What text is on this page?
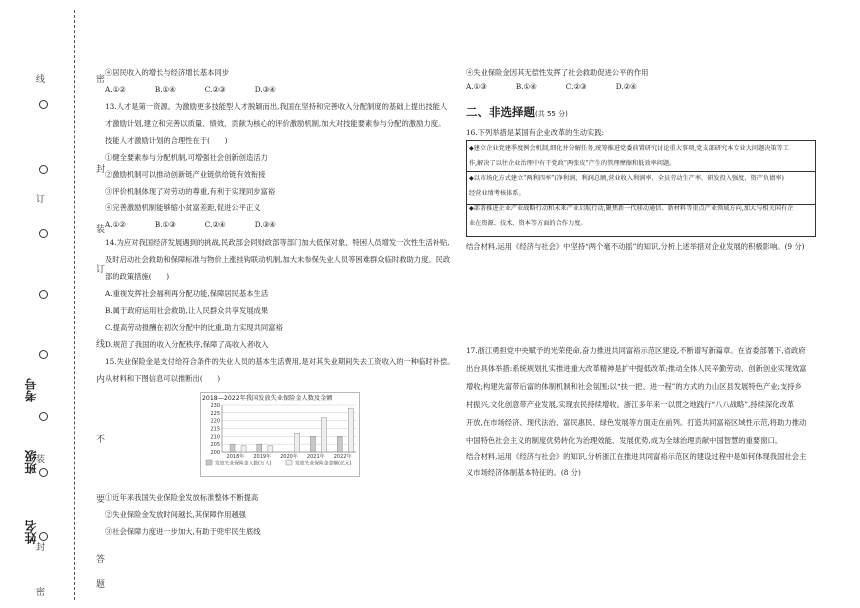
密
封
装
订
线
内
不
要
答
题
线
订
装
封
密
考号
班级
姓名
④居民收入的增长与经济增长基本同步
A.①②　　　　B.①④　　　　C.②③　　　　D.③④
13.人才是第一资源。为激励更多技能型人才脱颖而出,我国在坚持和完善收入分配制度的基础上提出技能人
才激励计划,建立和完善以质量、绩效、贡献为核心的评价激励机制,加大对技能要素参与分配的激励力度。
技能人才激励计划的合理性在于(　　)
①健全要素参与分配机制,可增强社会创新创造活力
②激励机制可以推动创新链产业链供给链有效衔接
③评价机制体现了对劳动的尊重,有利于实现同步富裕
④完善激励机制能够缩小贫富差距,促进公平正义
A.①②　　　　B.①③　　　　C.②④　　　　D.③④
14.为应对我国经济发展遇到的挑战,民政部会同财政部等部门加大低保对象、特困人员增发一次性生活补贴,
及时启动社会救助和保障标准与物价上涨挂钩联动机制,加大未参保失业人员等困难群众临时救助力度。民政
部的政策措施(　　)
A.重视发挥社会福利再分配功能,保障居民基本生活
B.属于政府运用社会救助,让人民群众共享发展成果
C.提高劳动报酬在初次分配中的比重,助力实现共同富裕
D.规范了我国的收入分配秩序,保障了高收入者收入
15.失业保险金是支付给符合条件的失业人员的基本生活费用,是对其失业期间失去工资收入的一种临时补偿。
从材料和下图信息可以推断出(　　)
①近年来我国失业保险金发放标准整体不断提高
②失业保险金发放时间越长,其保障作用越强
③社会保障力度进一步加大,有助于兜牢民生底线
2018—2022年我国发放失业保险金人数及金额
200
205
210
215
220
225
230
2018年 2019年 2020年 2021年 2022年
发放失业保险金人数(万人)	发放失业保险金金额(亿元)
④失业保险金因其无偿性发挥了社会救助促进公平的作用
A.①③　　　　B.①④　　　　C.②③　　　　D.②④
二、非选择题(共 55 分)
16.下列举措是某国有企业改革的生动实践:
◆建立企业党建季度例会机制,细化并分解任务,统筹推进党委前置研究讨论重大事项,党支部研究本专业大问题决策等工
作,解决了以往企业治理中有干党政“两张皮”产生的管理摩擦和低效率问题。
◆以市场化方式建立“两利四率”(净利润、利润总额,营业收入利润率、全员劳动生产率、研发投入强度、资产负债率)
经营业绩考核体系。
◆部署推进企业产业战略行动和未来产业启航行动,聚焦新一代移动通信、新材料等重点产业领域方向,加大与相关国有企
业在资源、技术、资本等方面的合作力度。
结合材料,运用《经济与社会》中坚持“两个毫不动摇”的知识,分析上述举措对企业发展的积极影响。(9 分)
17.浙江勇担党中央赋予的光荣使命,奋力推进共同富裕示范区建设,不断谱写新篇章。在省委部署下,省政府
出台具体举措:系统规划扎实推进重大改革精神是扩中提低改革;推动全体人民辛勤劳动、创新创业实现效富
增收;构建先富带后富的体制机制和社会氛围;以“扶一把、进一程”的方式的力山区县发展特色产业;支持乡
村振兴,文化创意带产业发展,实现农民持续增收。浙江多年来一以贯之地践行“八八战略”,持续深化改革
开放,在市场经济、现代法治、富民惠民、绿色发展等方面走在前列。打造共同富裕区域性示范,将助力推动
中国特色社会主义的制度优势转化为治理效能、发展优势,成为全球治理贡献中国智慧的重要窗口。
结合材料,运用《经济与社会》的知识,分析浙江在推进共同富裕示范区的建设过程中是如何体现我国社会主
义市场经济体制基本特征的。(8 分)
